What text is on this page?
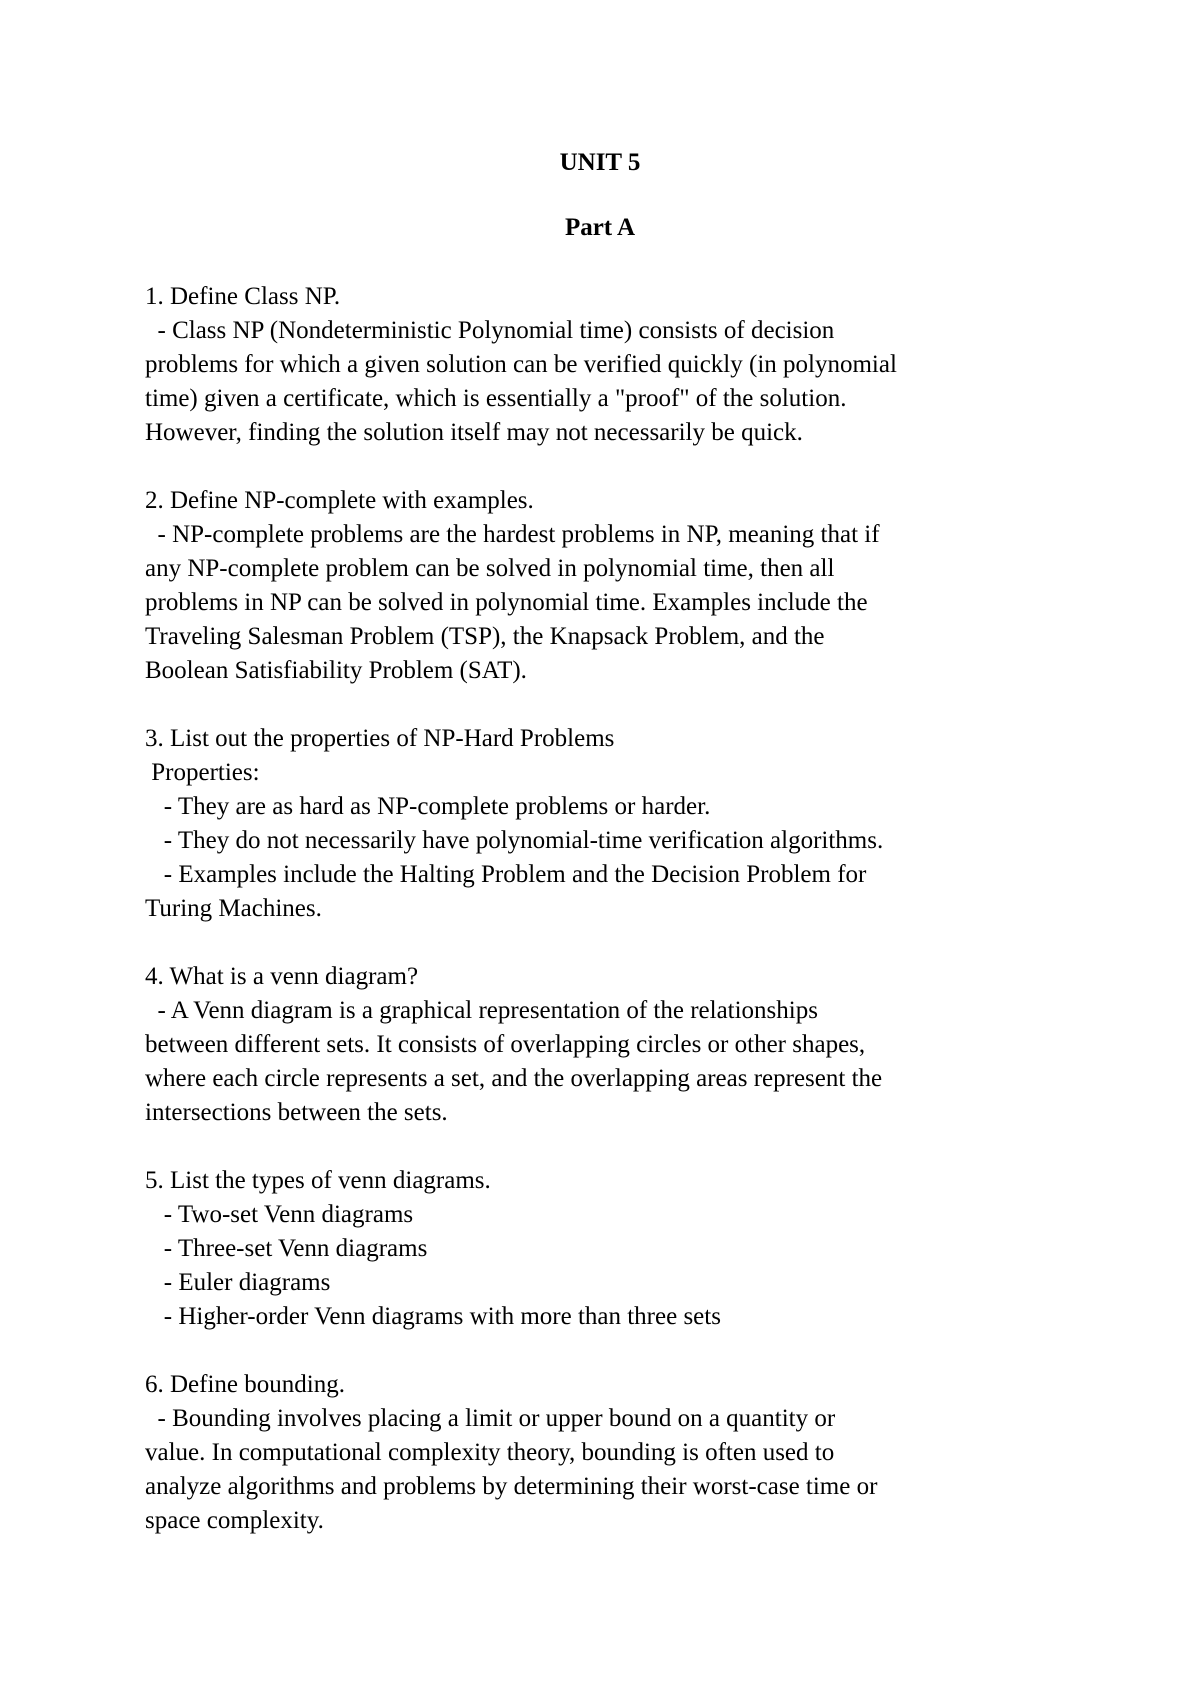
UNIT 5
Part A
1. Define Class NP.
- Class NP (Nondeterministic Polynomial time) consists of decision
problems for which a given solution can be verified quickly (in polynomial
time) given a certificate, which is essentially a "proof" of the solution.
However, finding the solution itself may not necessarily be quick.
2. Define NP-complete with examples.
- NP-complete problems are the hardest problems in NP, meaning that if
any NP-complete problem can be solved in polynomial time, then all
problems in NP can be solved in polynomial time. Examples include the
Traveling Salesman Problem (TSP), the Knapsack Problem, and the
Boolean Satisfiability Problem (SAT).
3. List out the properties of NP-Hard Problems
Properties:
- They are as hard as NP-complete problems or harder.
- They do not necessarily have polynomial-time verification algorithms.
- Examples include the Halting Problem and the Decision Problem for
Turing Machines.
4. What is a venn diagram?
- A Venn diagram is a graphical representation of the relationships
between different sets. It consists of overlapping circles or other shapes,
where each circle represents a set, and the overlapping areas represent the
intersections between the sets.
5. List the types of venn diagrams.
- Two-set Venn diagrams
- Three-set Venn diagrams
- Euler diagrams
- Higher-order Venn diagrams with more than three sets
6. Define bounding.
- Bounding involves placing a limit or upper bound on a quantity or
value. In computational complexity theory, bounding is often used to
analyze algorithms and problems by determining their worst-case time or
space complexity.
